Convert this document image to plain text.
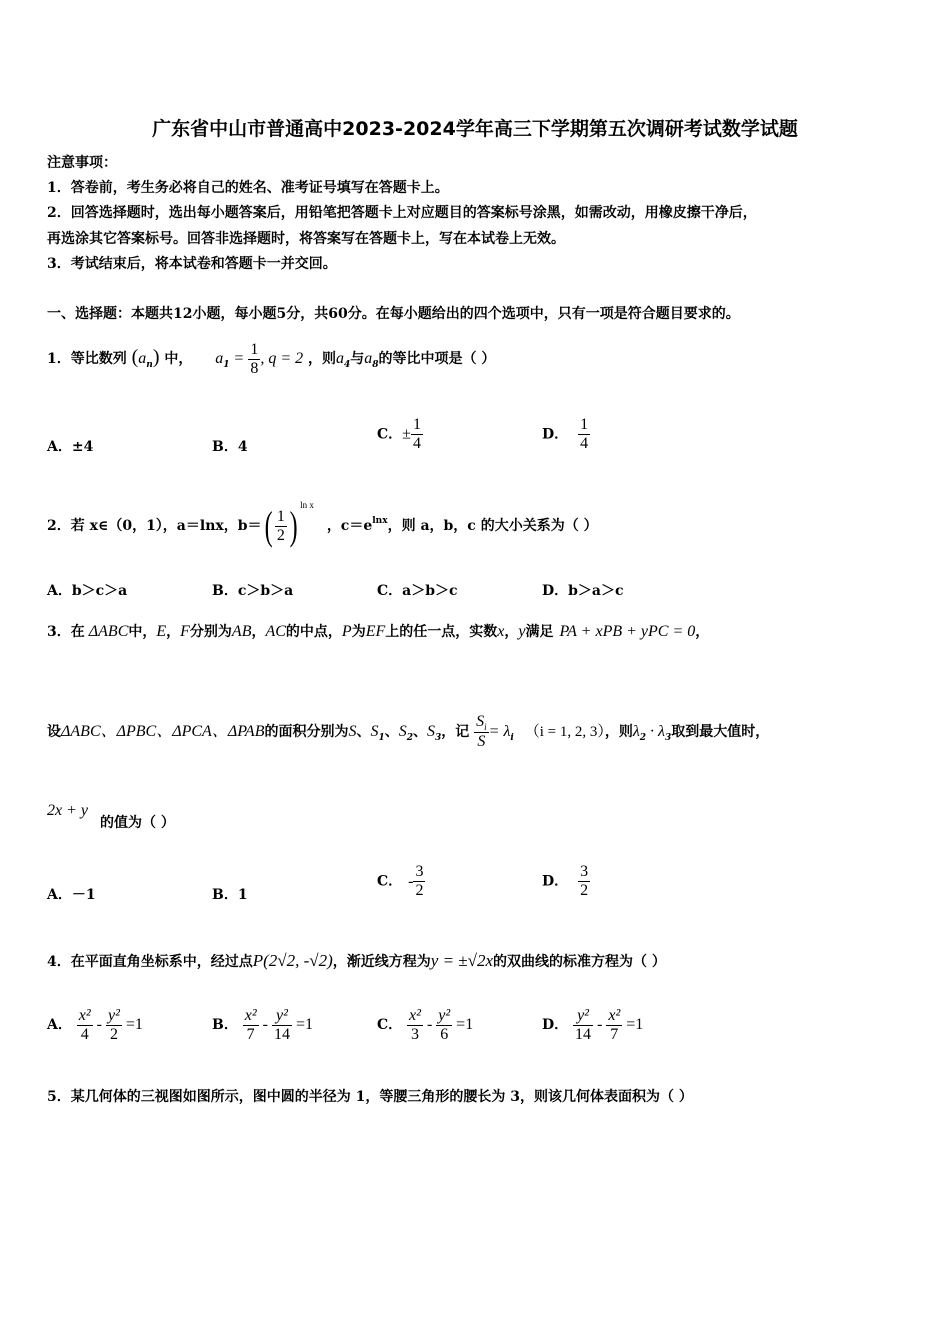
广东省中山市普通高中2023-2024学年高三下学期第五次调研考试数学试题
注意事项：
1．答卷前，考生务必将自己的姓名、准考证号填写在答题卡上。
2．回答选择题时，选出每小题答案后，用铅笔把答题卡上对应题目的答案标号涂黑，如需改动，用橡皮擦干净后，
再选涂其它答案标号。回答非选择题时，将答案写在答题卡上，写在本试卷上无效。
3．考试结束后，将本试卷和答题卡一并交回。
一、选择题：本题共12小题，每小题5分，共60分。在每小题给出的四个选项中，只有一项是符合题目要求的。
1．等比数列 $(a_n)$ 中， $a_1 = \frac{1}{8}$ , q = 2 ，则$a_4$与$a_8$的等比中项是（ ）
A．±4	B．4
C．± $\frac{1}{4}$	D． $\frac{1}{4}$
2．若 x∈（0，1），a＝lnx，$b=( \frac{1}{2}$ ) $^{ln x}$ ，$c=e^{lnx}$，则 a，b，c 的大小关系为（ ）
A．b＞c＞a	B．c＞b＞a	C．a＞b＞c	D．b＞a＞c
3．在 ΔABC中，E，F分别为AB，AC的中点，P为EF上的任一点，实数x，y满足 PA + xPB + yPC = 0，
设ΔABC、ΔPBC、ΔPCA、ΔPAB的面积分别为S、$S_1$、$S_2$、$S_3$，记 $\frac{S_i}{S} = \lambda_i$ （i = 1, 2, 3），则$\lambda_2 \cdot \lambda_3$取到最大值时，
2x + y
的值为（ ）
A．－1	B．1
C． - $\frac{3}{2}$	D． $\frac{3}{2}$
4．在平面直角坐标系中，经过点P(2√2, -√2)，渐近线方程为y = ±√2x的双曲线的标准方程为（ ）
A． $\frac{\text{x²}}{4} - \frac{\text{y²}}{2} =1$	B． $\frac{\text{x²}}{7} - \frac{\text{y²}}{14} =1$	C． $\frac{\text{x²}}{3} - \frac{\text{y²}}{6} =1$	D． $\frac{\text{y²}}{14} - \frac{\text{x²}}{7} =1$
5．某几何体的三视图如图所示，图中圆的半径为 1，等腰三角形的腰长为 3，则该几何体表面积为（ ）
